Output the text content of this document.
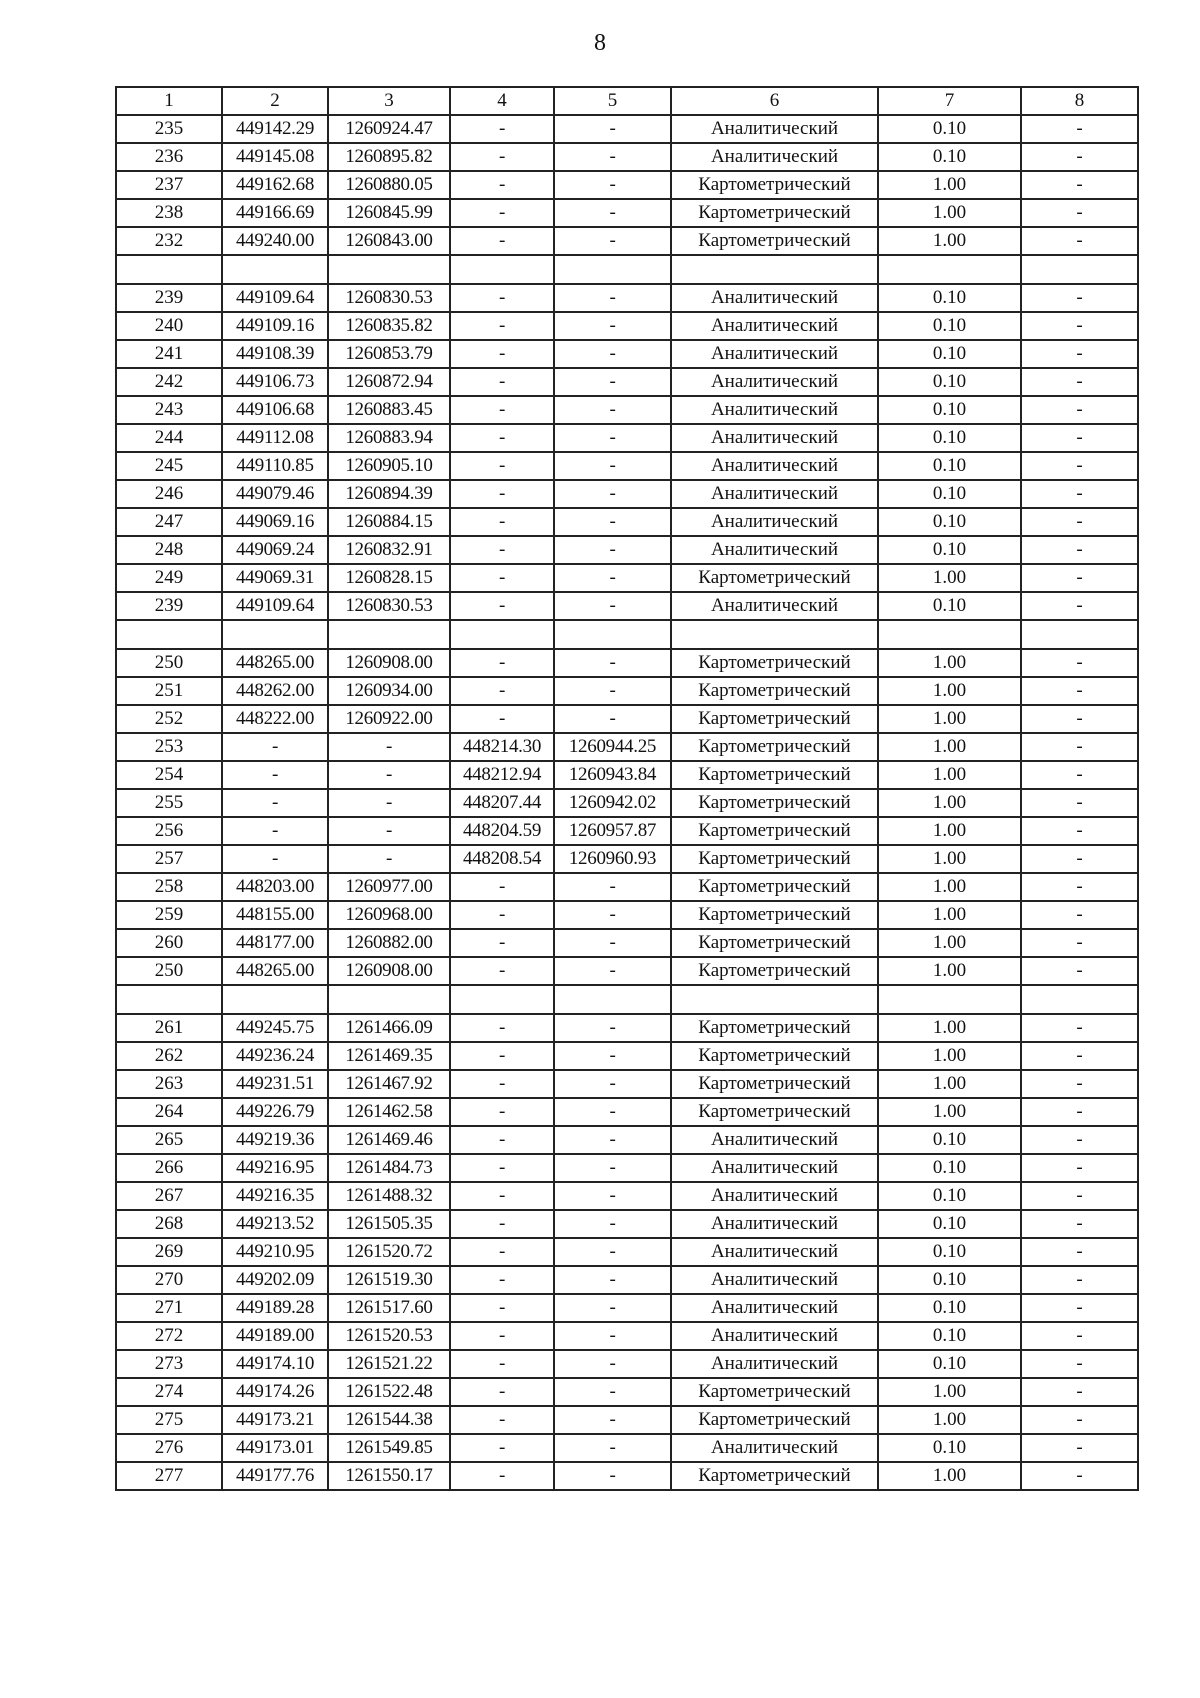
8
1	2	3	4	5	6	7	8
235	449142.29	1260924.47	-	-	Аналитический	0.10	-
236	449145.08	1260895.82	-	-	Аналитический	0.10	-
237	449162.68	1260880.05	-	-	Картометрический	1.00	-
238	449166.69	1260845.99	-	-	Картометрический	1.00	-
232	449240.00	1260843.00	-	-	Картометрический	1.00	-

239	449109.64	1260830.53	-	-	Аналитический	0.10	-
240	449109.16	1260835.82	-	-	Аналитический	0.10	-
241	449108.39	1260853.79	-	-	Аналитический	0.10	-
242	449106.73	1260872.94	-	-	Аналитический	0.10	-
243	449106.68	1260883.45	-	-	Аналитический	0.10	-
244	449112.08	1260883.94	-	-	Аналитический	0.10	-
245	449110.85	1260905.10	-	-	Аналитический	0.10	-
246	449079.46	1260894.39	-	-	Аналитический	0.10	-
247	449069.16	1260884.15	-	-	Аналитический	0.10	-
248	449069.24	1260832.91	-	-	Аналитический	0.10	-
249	449069.31	1260828.15	-	-	Картометрический	1.00	-
239	449109.64	1260830.53	-	-	Аналитический	0.10	-

250	448265.00	1260908.00	-	-	Картометрический	1.00	-
251	448262.00	1260934.00	-	-	Картометрический	1.00	-
252	448222.00	1260922.00	-	-	Картометрический	1.00	-
253	-	-	448214.30	1260944.25	Картометрический	1.00	-
254	-	-	448212.94	1260943.84	Картометрический	1.00	-
255	-	-	448207.44	1260942.02	Картометрический	1.00	-
256	-	-	448204.59	1260957.87	Картометрический	1.00	-
257	-	-	448208.54	1260960.93	Картометрический	1.00	-
258	448203.00	1260977.00	-	-	Картометрический	1.00	-
259	448155.00	1260968.00	-	-	Картометрический	1.00	-
260	448177.00	1260882.00	-	-	Картометрический	1.00	-
250	448265.00	1260908.00	-	-	Картометрический	1.00	-

261	449245.75	1261466.09	-	-	Картометрический	1.00	-
262	449236.24	1261469.35	-	-	Картометрический	1.00	-
263	449231.51	1261467.92	-	-	Картометрический	1.00	-
264	449226.79	1261462.58	-	-	Картометрический	1.00	-
265	449219.36	1261469.46	-	-	Аналитический	0.10	-
266	449216.95	1261484.73	-	-	Аналитический	0.10	-
267	449216.35	1261488.32	-	-	Аналитический	0.10	-
268	449213.52	1261505.35	-	-	Аналитический	0.10	-
269	449210.95	1261520.72	-	-	Аналитический	0.10	-
270	449202.09	1261519.30	-	-	Аналитический	0.10	-
271	449189.28	1261517.60	-	-	Аналитический	0.10	-
272	449189.00	1261520.53	-	-	Аналитический	0.10	-
273	449174.10	1261521.22	-	-	Аналитический	0.10	-
274	449174.26	1261522.48	-	-	Картометрический	1.00	-
275	449173.21	1261544.38	-	-	Картометрический	1.00	-
276	449173.01	1261549.85	-	-	Аналитический	0.10	-
277	449177.76	1261550.17	-	-	Картометрический	1.00	-
